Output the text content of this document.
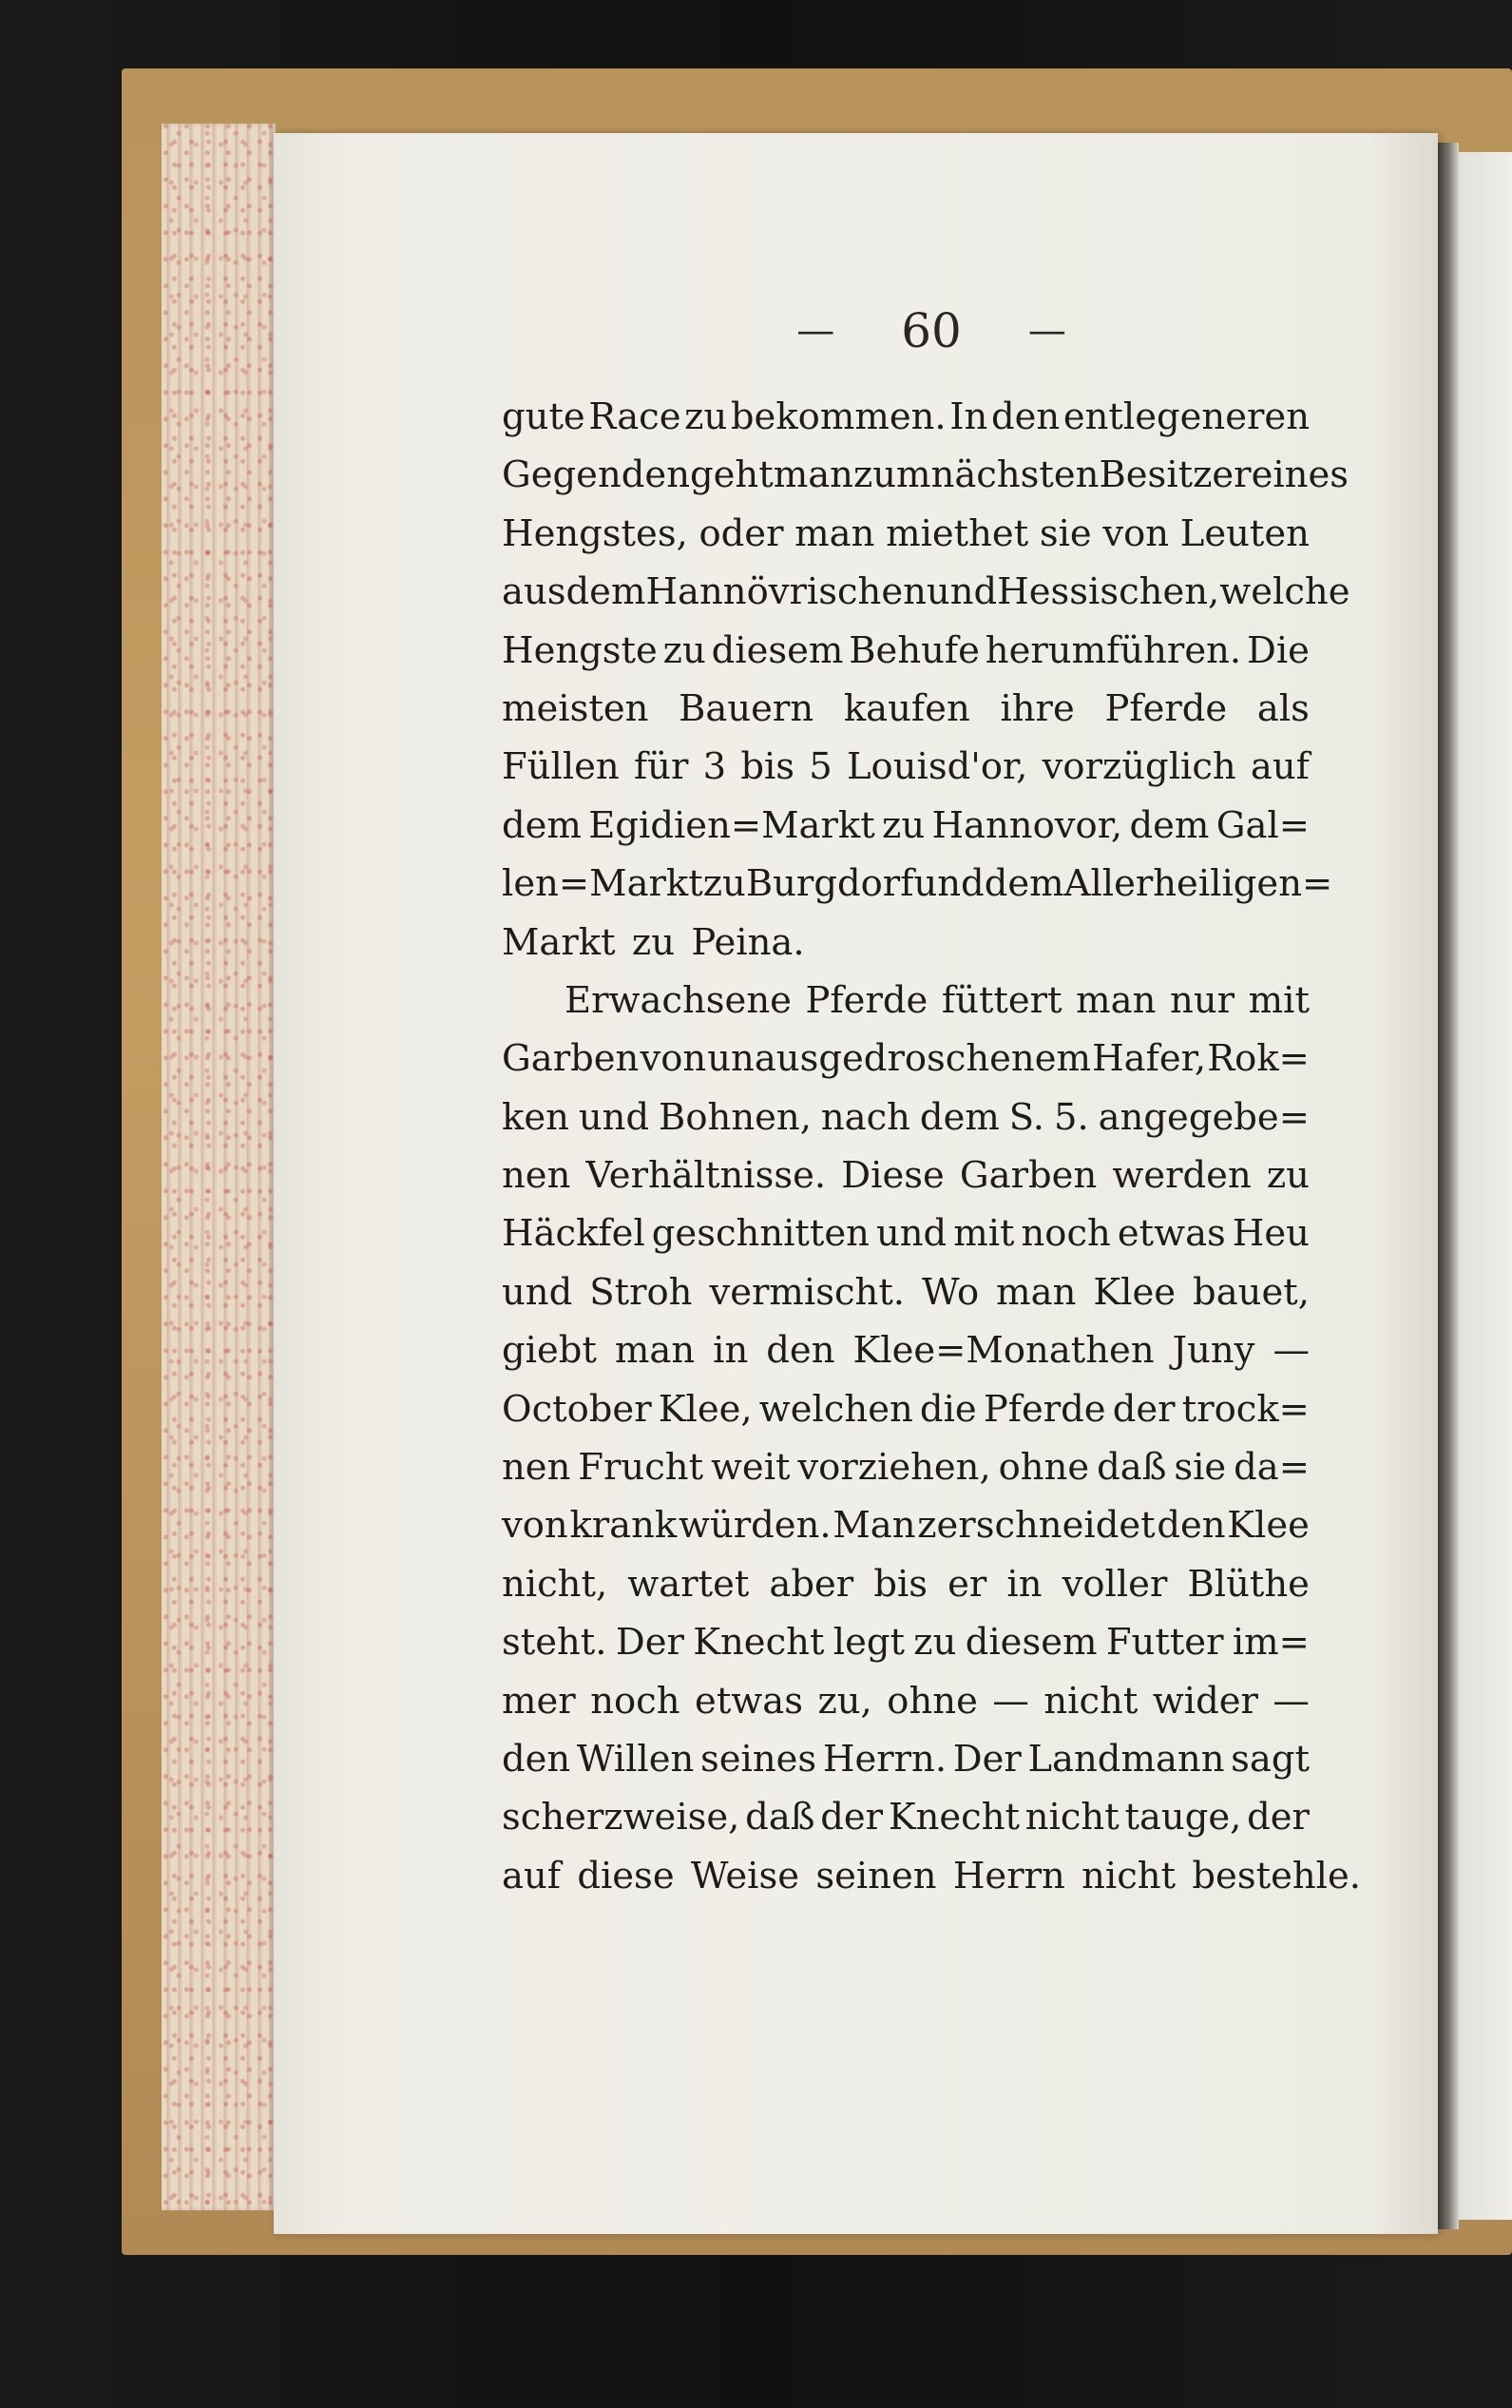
— 60 —
gute Race zu bekommen. In den entlegeneren
Gegenden geht man zum nächsten Besitzer eines
Hengstes, oder man miethet sie von Leuten
aus dem Hannövrischen und Hessischen, welche
Hengste zu diesem Behufe herumführen. Die
meisten Bauern kaufen ihre Pferde als
Füllen für 3 bis 5 Louisd'or, vorzüglich auf
dem Egidien=Markt zu Hannovor, dem Gal=
len=Markt zu Burgdorf und dem Allerheiligen=
Markt zu Peina.
Erwachsene Pferde füttert man nur mit
Garben von unausgedroschenem Hafer, Rok=
ken und Bohnen, nach dem S. 5. angegebe=
nen Verhältnisse. Diese Garben werden zu
Häckfel geschnitten und mit noch etwas Heu
und Stroh vermischt. Wo man Klee bauet,
giebt man in den Klee=Monathen Juny —
October Klee, welchen die Pferde der trock=
nen Frucht weit vorziehen, ohne daß sie da=
von krank würden. Man zerschneidet den Klee
nicht, wartet aber bis er in voller Blüthe
steht. Der Knecht legt zu diesem Futter im=
mer noch etwas zu, ohne — nicht wider —
den Willen seines Herrn. Der Landmann sagt
scherzweise, daß der Knecht nicht tauge, der
auf diese Weise seinen Herrn nicht bestehle.
